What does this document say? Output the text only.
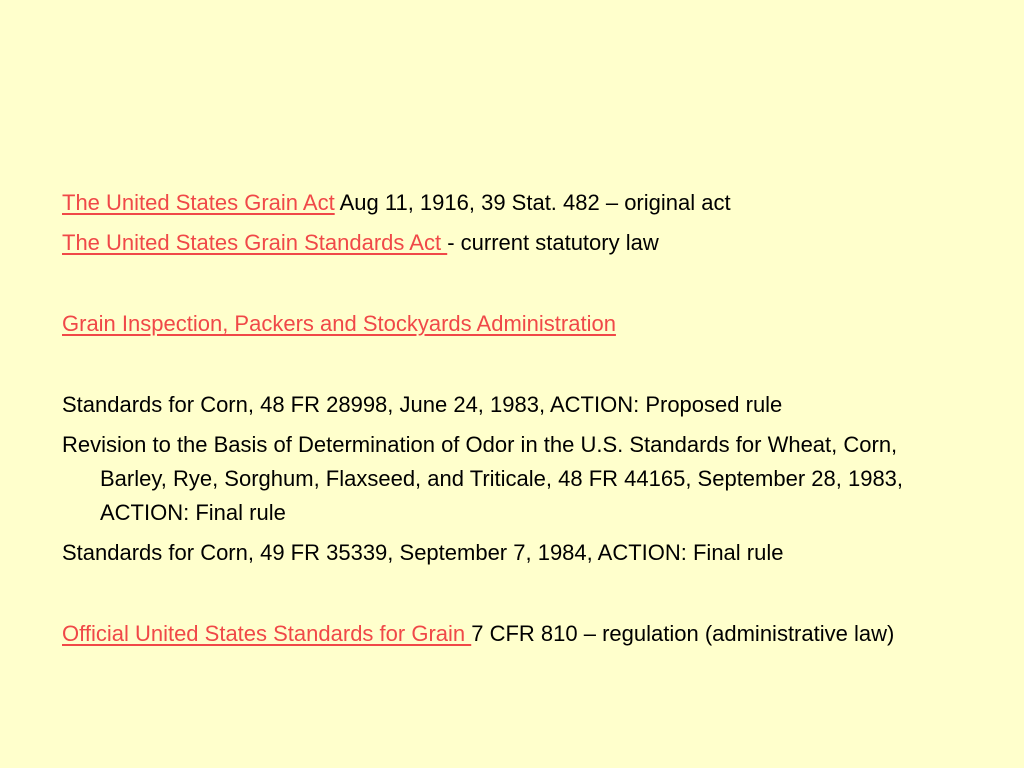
The United States Grain Act Aug 11, 1916, 39 Stat. 482 – original act

The United States Grain Standards Act - current statutory law

Grain Inspection, Packers and Stockyards Administration

Standards for Corn, 48 FR 28998, June 24, 1983, ACTION: Proposed rule

Revision to the Basis of Determination of Odor in the U.S. Standards for Wheat, Corn, Barley, Rye, Sorghum, Flaxseed, and Triticale, 48 FR 44165, September 28, 1983, ACTION: Final rule

Standards for Corn, 49 FR 35339, September 7, 1984, ACTION: Final rule

Official United States Standards for Grain 7 CFR 810 – regulation (administrative law)
